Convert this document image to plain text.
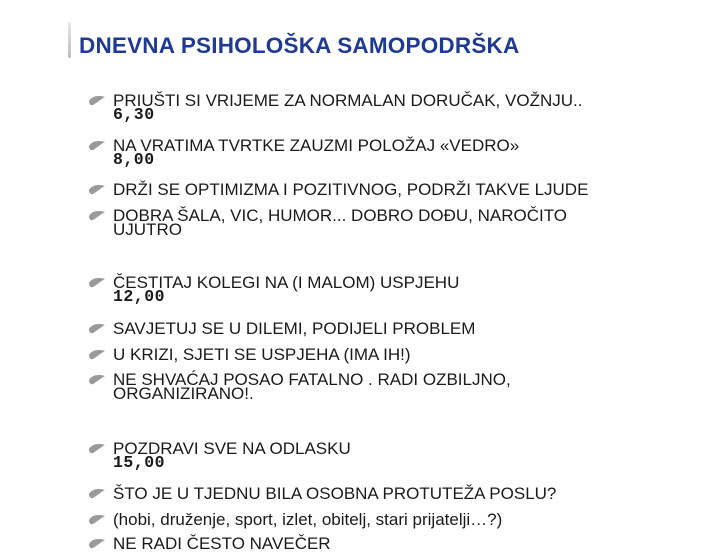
DNEVNA PSIHOLOŠKA SAMOPODRŠKA
PRIUŠTI SI VRIJEME ZA NORMALAN DORUČAK, VOŽNJU..
6,30
NA VRATIMA TVRTKE ZAUZMI POLOŽAJ «VEDRO»
8,00
DRŽI SE OPTIMIZMA I POZITIVNOG, PODRŽI TAKVE LJUDE
DOBRA ŠALA, VIC, HUMOR... DOBRO DOĐU, NAROČITO
UJUTRO
ČESTITAJ KOLEGI NA (I MALOM) USPJEHU
12,00
SAVJETUJ SE U DILEMI, PODIJELI PROBLEM
U KRIZI, SJETI SE USPJEHA (IMA IH!)
NE SHVAĆAJ POSAO FATALNO . RADI OZBILJNO,
ORGANIZIRANO!.
POZDRAVI SVE NA ODLASKU
15,00
ŠTO JE U TJEDNU BILA OSOBNA PROTUTEŽA POSLU?
(hobi, druženje, sport, izlet, obitelj, stari prijatelji…?)
NE RADI ČESTO NAVEČER
